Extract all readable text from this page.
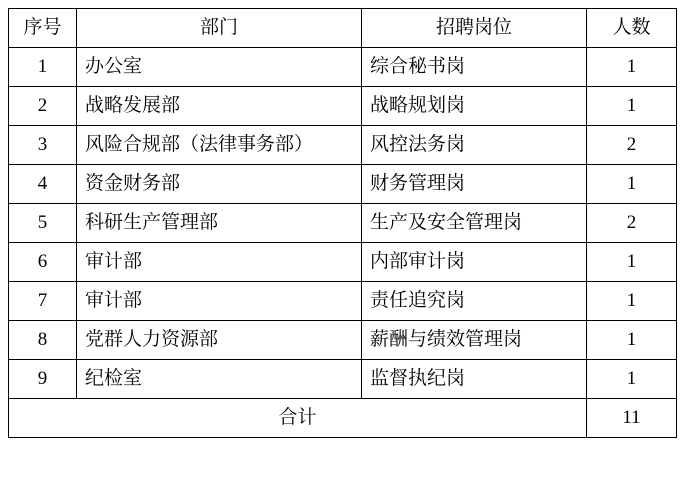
序号	部门	招聘岗位	人数
1	办公室	综合秘书岗	1
2	战略发展部	战略规划岗	1
3	风险合规部（法律事务部）	风控法务岗	2
4	资金财务部	财务管理岗	1
5	科研生产管理部	生产及安全管理岗	2
6	审计部	内部审计岗	1
7	审计部	责任追究岗	1
8	党群人力资源部	薪酬与绩效管理岗	1
9	纪检室	监督执纪岗	1
合计			11
